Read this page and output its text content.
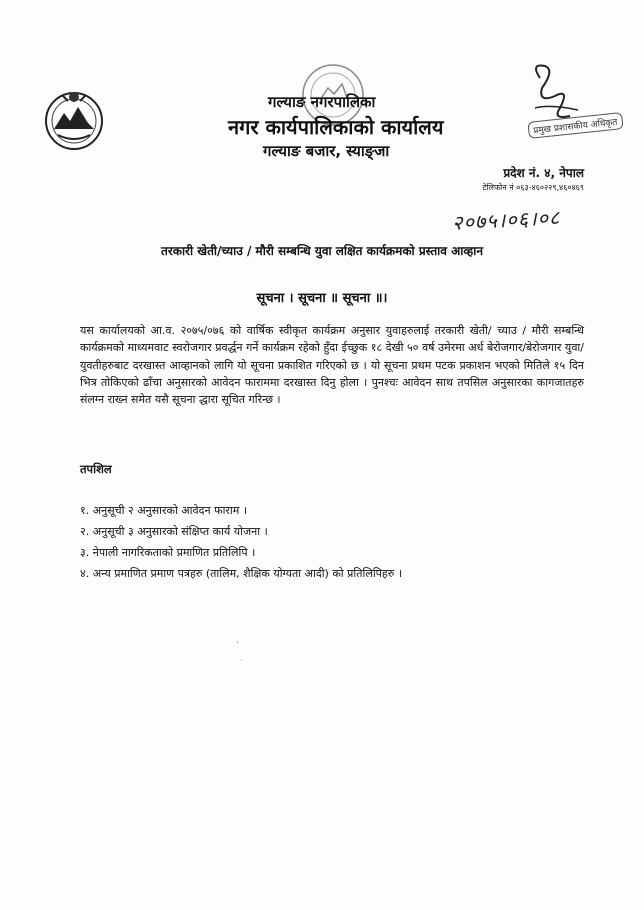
गल्याङ नगरपालिका
नगर कार्यपालिकाको कार्यालय
गल्याङ बजार, स्याङ्जा
प्रमुख प्रशासकीय अधिकृत
प्रदेश नं. ४, नेपाल
टेलिफोन नं ०६३-४६०२२९,४६०४६९
२०७५।०६।०८
तरकारी खेती/च्याउ / मौरी सम्बन्धि युवा लक्षित कार्यक्रमको प्रस्ताव आव्हान
सूचना । सूचना ॥ सूचना ॥।
यस कार्यालयको आ.व. २०७५/०७६ को वार्षिक स्वीकृत कार्यक्रम अनुसार युवाहरुलाई तरकारी खेती/ च्याउ / मौरी सम्बन्धि कार्यक्रमको माध्यमवाट स्वरोजगार प्रवर्द्धन गर्ने कार्यक्रम रहेको हुँदा ईच्छुक १८ देखी ५० वर्ष उमेरमा अर्ध बेरोजगार/बेरोजगार युवा/युवतीहरुबाट दरखास्त आव्हानको लागि यो सूचना प्रकाशित गरिएको छ । यो सूचना प्रथम पटक प्रकाशन भएको मितिले १५ दिन भित्र तोकिएको ढाँचा अनुसारको आवेदन फाराममा दरखास्त दिनु होला । पुनश्चः आवेदन साथ तपसिल अनुसारका कागजातहरु संलग्न राख्न समेत यसै सूचना द्धारा सूचित गरिन्छ ।
तपशिल
१. अनुसूची २ अनुसारको आवेदन फाराम ।
२. अनुसूची ३ अनुसारको संक्षिप्त कार्य योजना ।
३. नेपाली नागरिकताको प्रमाणित प्रतिलिपि ।
४. अन्य प्रमाणित प्रमाण पत्रहरु (तालिम, शैक्षिक योग्यता आदी) को प्रतिलिपिहरु ।
'
·
